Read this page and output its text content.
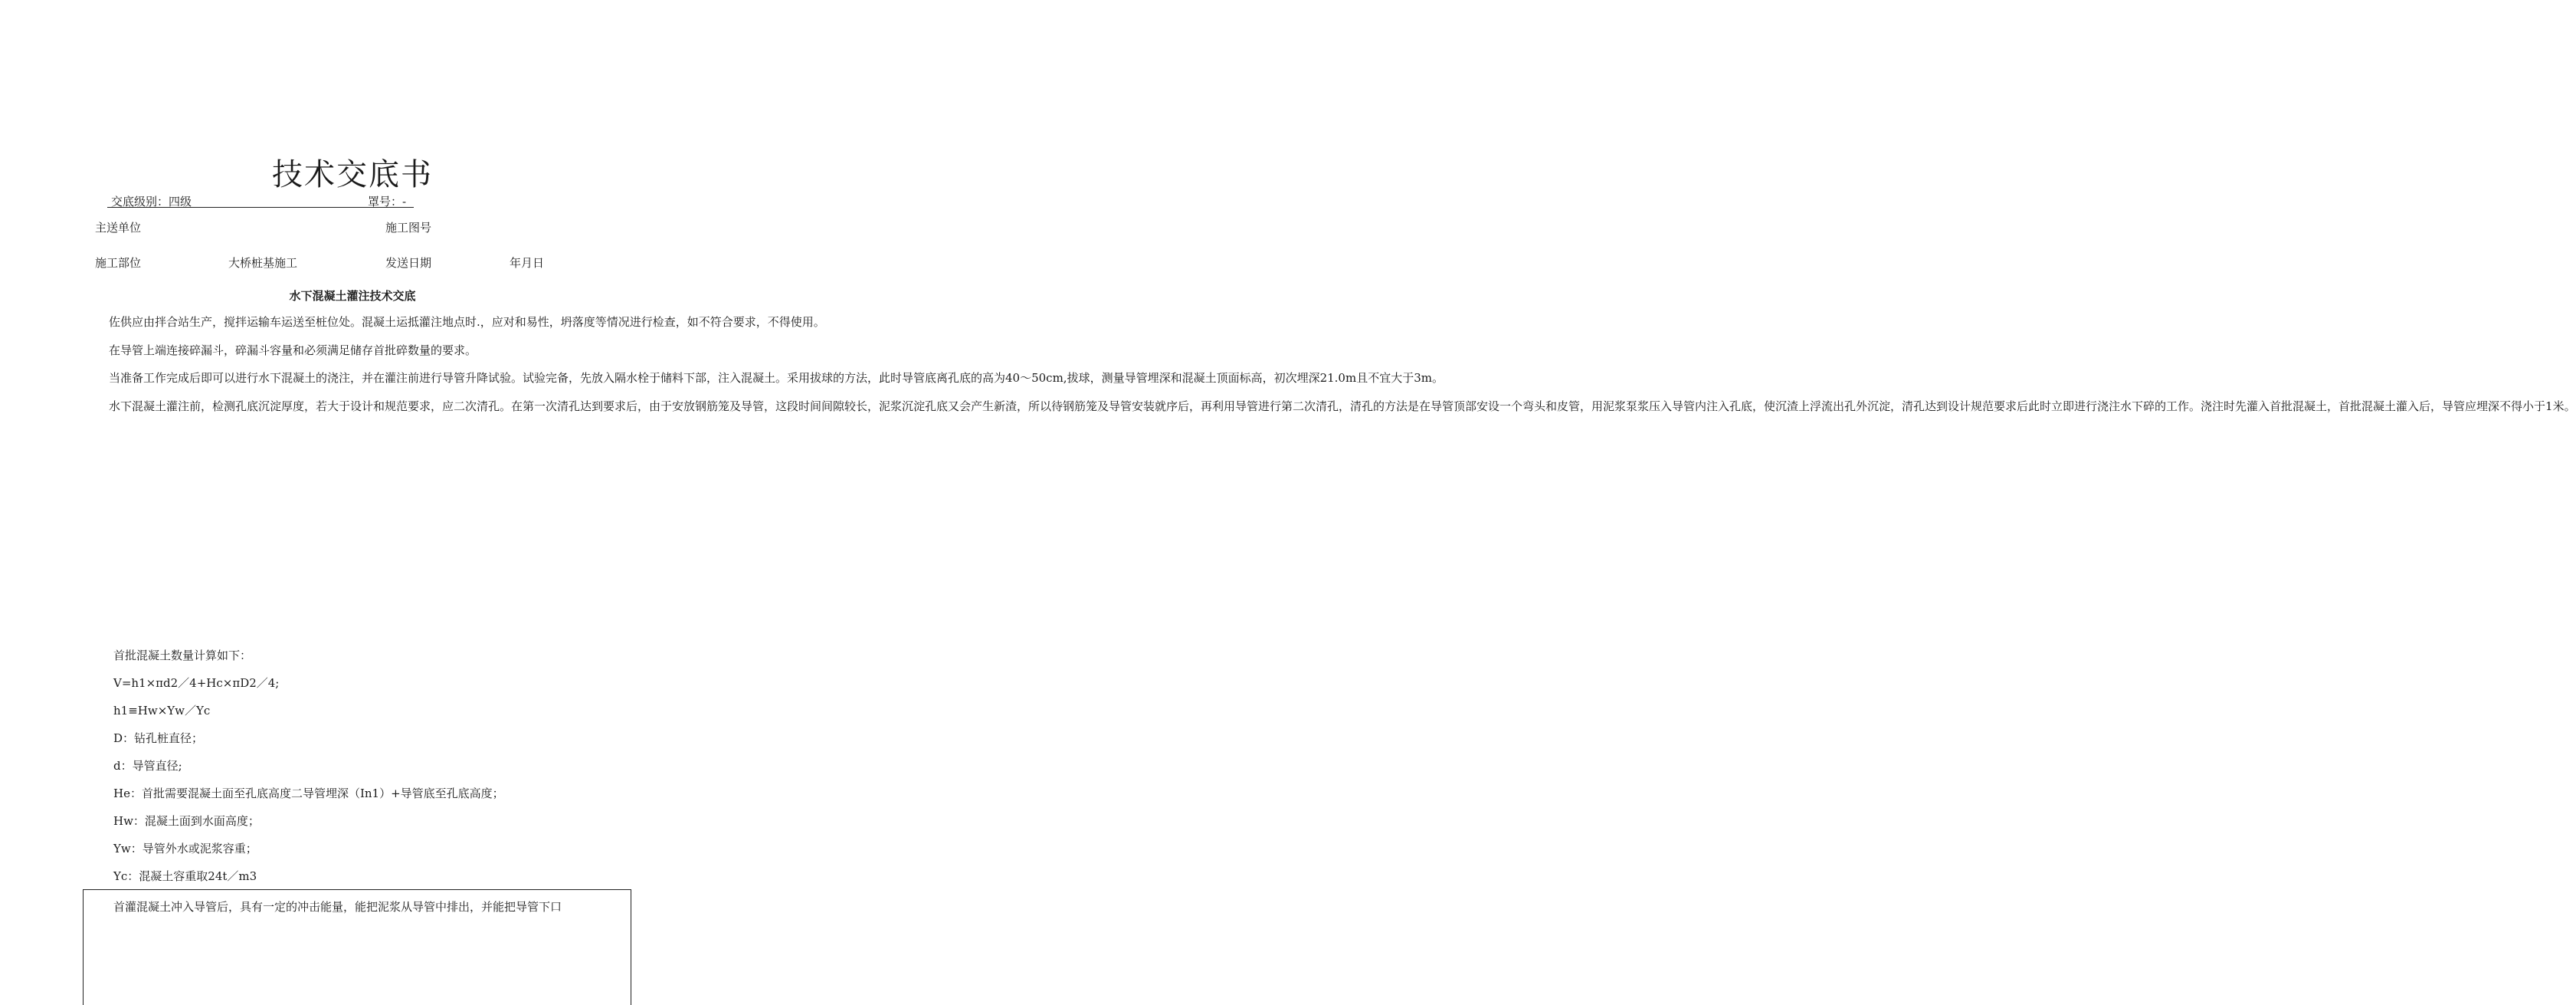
技术交底书
交底级别：四级	罩号：-
主送单位	施工图号
施工部位	大桥桩基施工	发送日期	年月日
水下混凝土灌注技术交底

佐供应由拌合站生产，搅拌运输车运送至桩位处。混凝土运抵灌注地点时.，应对和易性，坍落度等情况进行检查，如不符合要求，不得使用。

在导管上端连接碎漏斗，碎漏斗容量和必须满足储存首批碎数量的要求。

当准备工作完成后即可以进行水下混凝土的浇注，并在灌注前进行导管升降试验。试验完备，先放入隔水栓于储料下部，注入混凝土。采用拔球的方法，此时导管底离孔底的高为40～50cm,拔球，测量导管埋深和混凝土顶面标高，初次埋深21.0m且不宜大于3m。

水下混凝土灌注前，检测孔底沉淀厚度，若大于设计和规范要求，应二次清孔。在第一次清孔达到要求后，由于安放钢筋笼及导管，这段时间间隙较长，泥浆沉淀孔底又会产生新渣，所以待钢筋笼及导管安装就序后，再利用导管进行第二次清孔，清孔的方法是在导管顶部安设一个弯头和皮管，用泥浆泵浆压入导管内注入孔底，使沉渣上浮流出孔外沉淀，清孔达到设计规范要求后此时立即进行浇注水下碎的工作。浇注时先灌入首批混凝土，首批混凝土灌入后，导管应埋深不得小于1米。

首批混凝土数量计算如下：
V=h1×πd2／4+Hc×πD2／4;
h1≡Hw×Yw／Yc
D：钻孔桩直径；
d：导管直径;
He：首批需要混凝土面至孔底高度二导管埋深（In1）+导管底至孔底高度；
Hw：混凝土面到水面高度；
Yw：导管外水或泥浆容重；
Yc：混凝土容重取24t／m3
首灌混凝土冲入导管后，具有一定的冲击能量，能把泥浆从导管中排出，并能把导管下口
